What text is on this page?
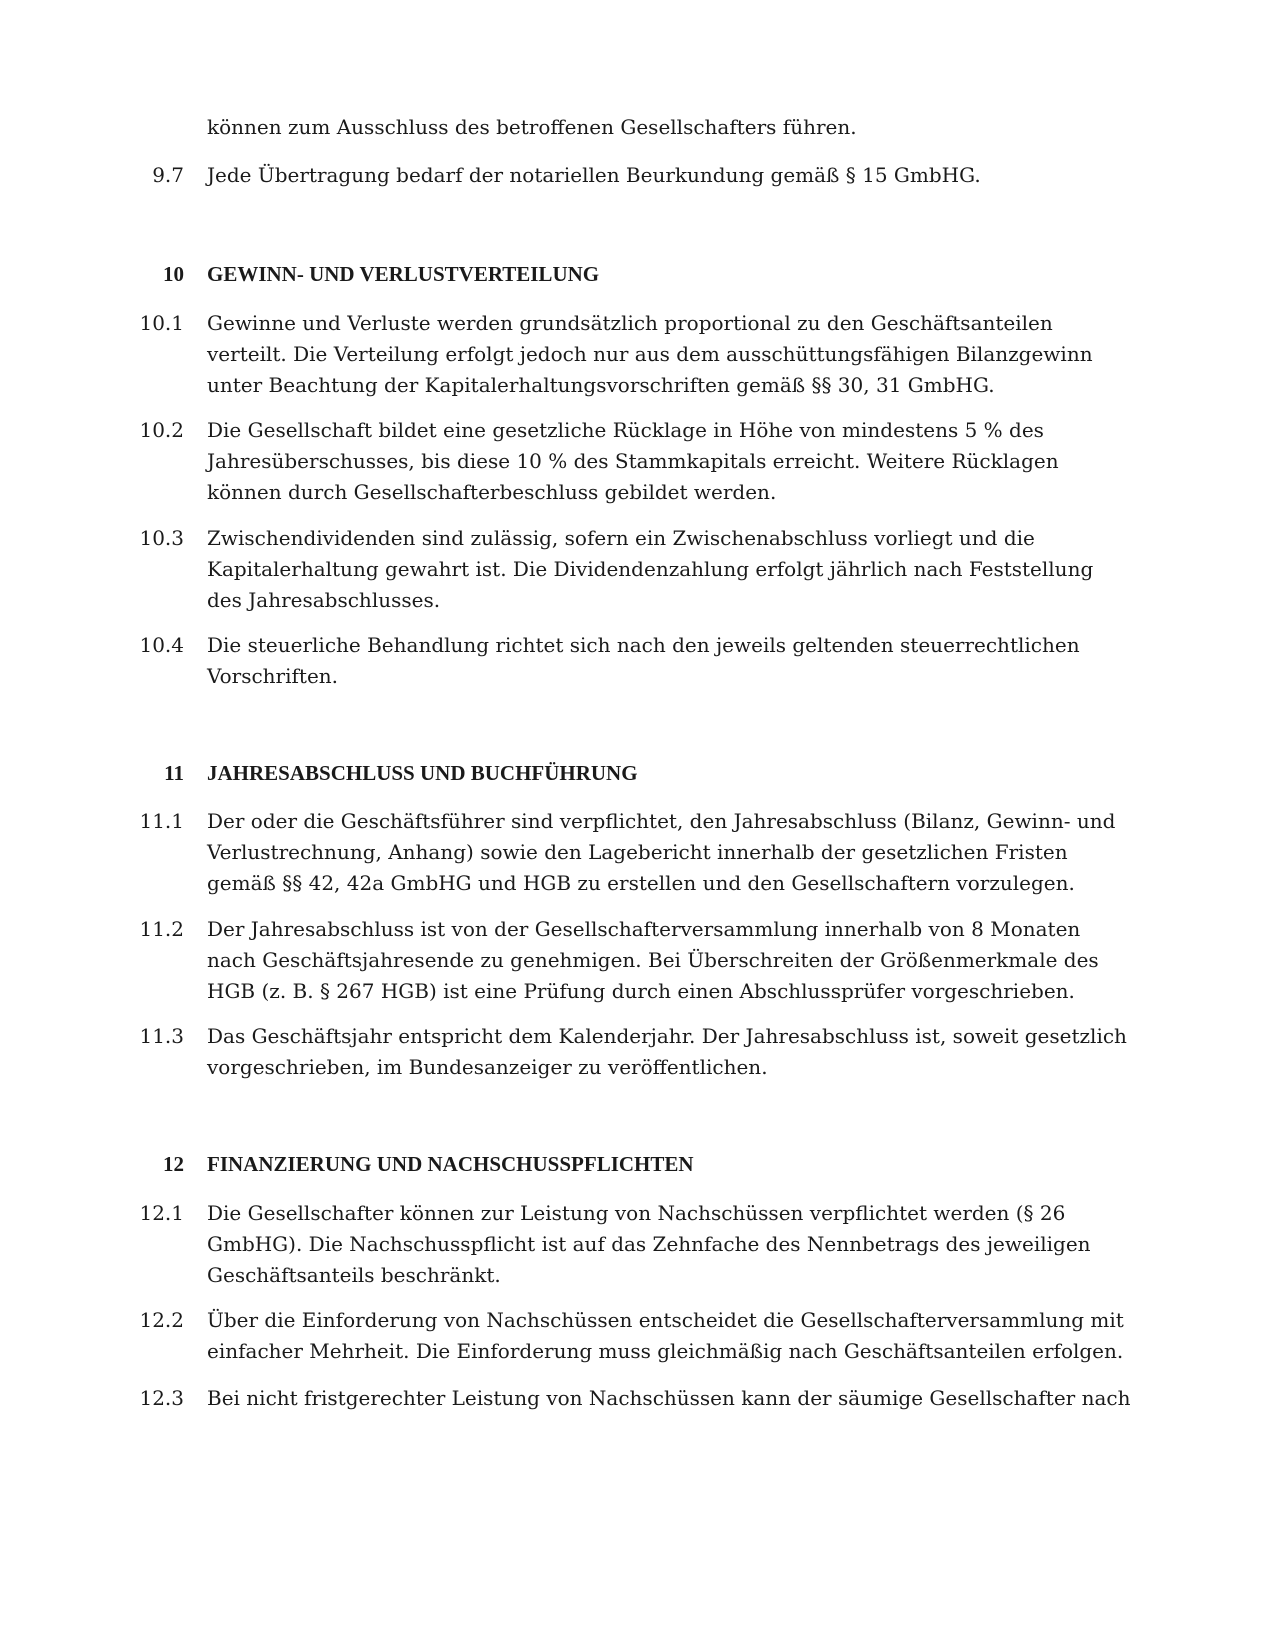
können zum Ausschluss des betroffenen Gesellschafters führen.
9.7 Jede Übertragung bedarf der notariellen Beurkundung gemäß § 15 GmbHG.
10 GEWINN- UND VERLUSTVERTEILUNG
10.1 Gewinne und Verluste werden grundsätzlich proportional zu den Geschäftsanteilen verteilt. Die Verteilung erfolgt jedoch nur aus dem ausschüttungsfähigen Bilanzgewinn unter Beachtung der Kapitalerhaltungsvorschriften gemäß §§ 30, 31 GmbHG.
10.2 Die Gesellschaft bildet eine gesetzliche Rücklage in Höhe von mindestens 5 % des Jahresüberschusses, bis diese 10 % des Stammkapitals erreicht. Weitere Rücklagen können durch Gesellschafterbeschluss gebildet werden.
10.3 Zwischendividenden sind zulässig, sofern ein Zwischenabschluss vorliegt und die Kapitalerhaltung gewahrt ist. Die Dividendenzahlung erfolgt jährlich nach Feststellung des Jahresabschlusses.
10.4 Die steuerliche Behandlung richtet sich nach den jeweils geltenden steuerrechtlichen Vorschriften.
11 JAHRESABSCHLUSS UND BUCHFÜHRUNG
11.1 Der oder die Geschäftsführer sind verpflichtet, den Jahresabschluss (Bilanz, Gewinn- und Verlustrechnung, Anhang) sowie den Lagebericht innerhalb der gesetzlichen Fristen gemäß §§ 42, 42a GmbHG und HGB zu erstellen und den Gesellschaftern vorzulegen.
11.2 Der Jahresabschluss ist von der Gesellschafterversammlung innerhalb von 8 Monaten nach Geschäftsjahresende zu genehmigen. Bei Überschreiten der Größenmerkmale des HGB (z. B. § 267 HGB) ist eine Prüfung durch einen Abschlussprüfer vorgeschrieben.
11.3 Das Geschäftsjahr entspricht dem Kalenderjahr. Der Jahresabschluss ist, soweit gesetzlich vorgeschrieben, im Bundesanzeiger zu veröffentlichen.
12 FINANZIERUNG UND NACHSCHUSSPFLICHTEN
12.1 Die Gesellschafter können zur Leistung von Nachschüssen verpflichtet werden (§ 26 GmbHG). Die Nachschusspflicht ist auf das Zehnfache des Nennbetrags des jeweiligen Geschäftsanteils beschränkt.
12.2 Über die Einforderung von Nachschüssen entscheidet die Gesellschafterversammlung mit einfacher Mehrheit. Die Einforderung muss gleichmäßig nach Geschäftsanteilen erfolgen.
12.3 Bei nicht fristgerechter Leistung von Nachschüssen kann der säumige Gesellschafter nach
